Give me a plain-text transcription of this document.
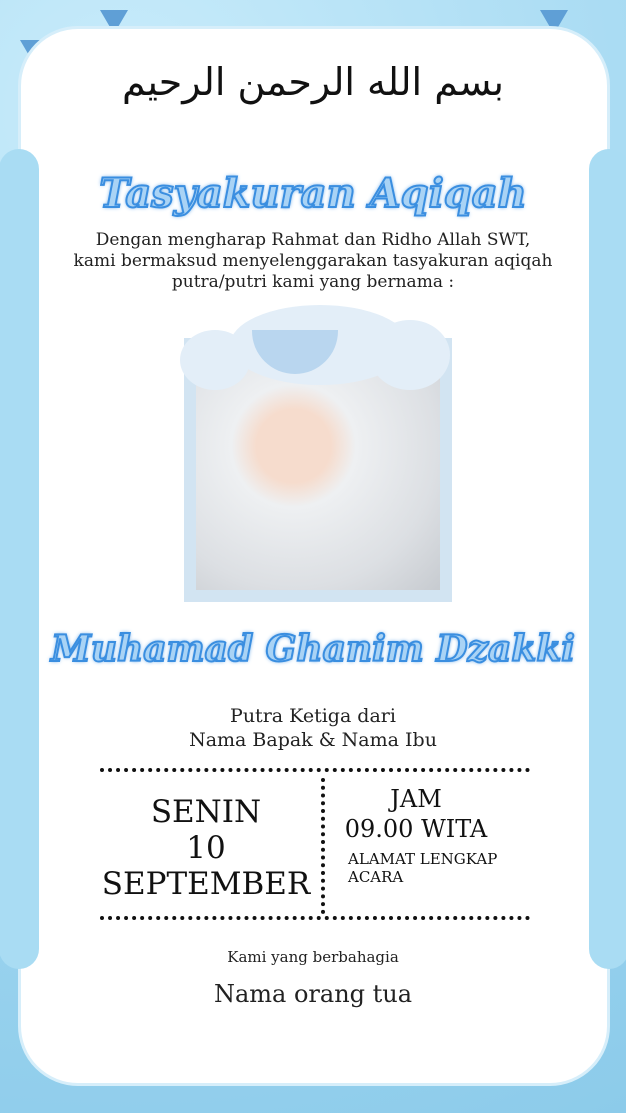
بسم الله الرحمن الرحيم
Tasyakuran Aqiqah
Dengan mengharap Rahmat dan Ridho Allah SWT,
kami bermaksud menyelenggarakan tasyakuran aqiqah
putra/putri kami yang bernama :
Muhamad Ghanim Dzakki
Putra Ketiga dari
Nama Bapak & Nama Ibu
SENIN
10
SEPTEMBER
JAM
09.00 WITA
ALAMAT LENGKAP
ACARA
Kami yang berbahagia
Nama orang tua
